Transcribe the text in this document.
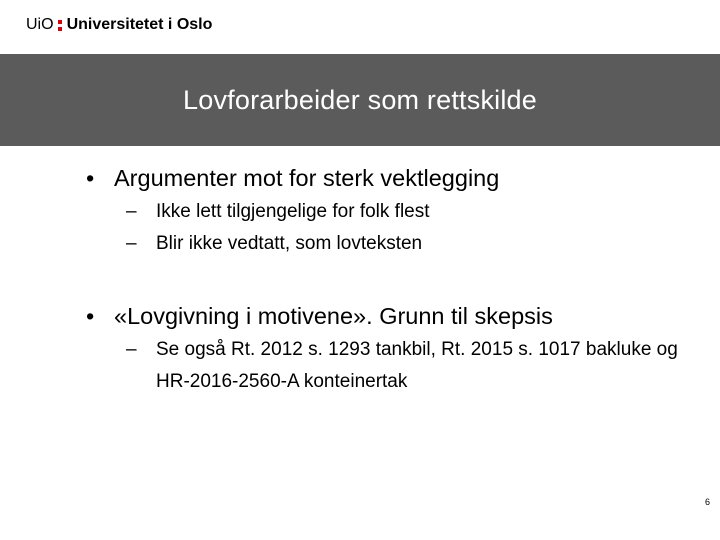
UiO Universitetet i Oslo
Lovforarbeider som rettskilde
• Argumenter mot for sterk vektlegging
– Ikke lett tilgjengelige for folk flest
– Blir ikke vedtatt, som lovteksten
• «Lovgivning i motivene». Grunn til skepsis
– Se også Rt. 2012 s. 1293 tankbil, Rt. 2015 s. 1017 bakluke og HR-2016-2560-A konteinertak
6
